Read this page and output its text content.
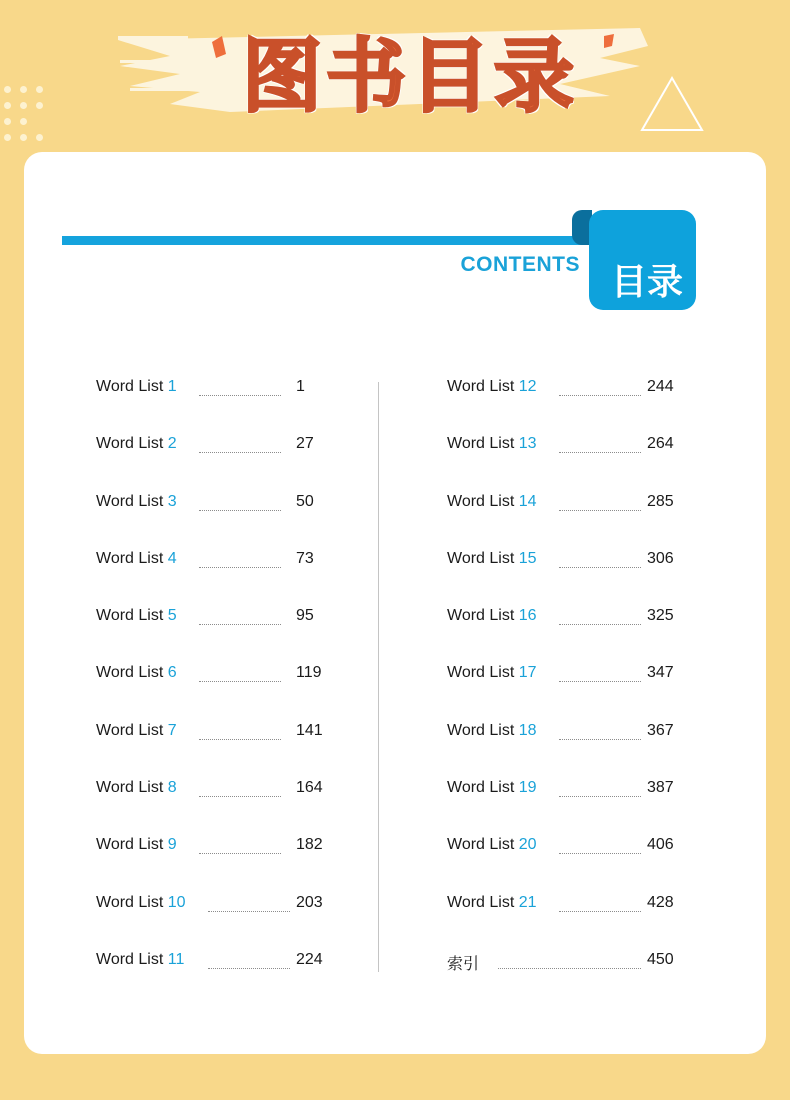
图书目录
目录
CONTENTS
Word List 1	1
Word List 2	27
Word List 3	50
Word List 4	73
Word List 5	95
Word List 6	119
Word List 7	141
Word List 8	164
Word List 9	182
Word List 10	203
Word List 11	224
Word List 12	244
Word List 13	264
Word List 14	285
Word List 15	306
Word List 16	325
Word List 17	347
Word List 18	367
Word List 19	387
Word List 20	406
Word List 21	428
索引	450
